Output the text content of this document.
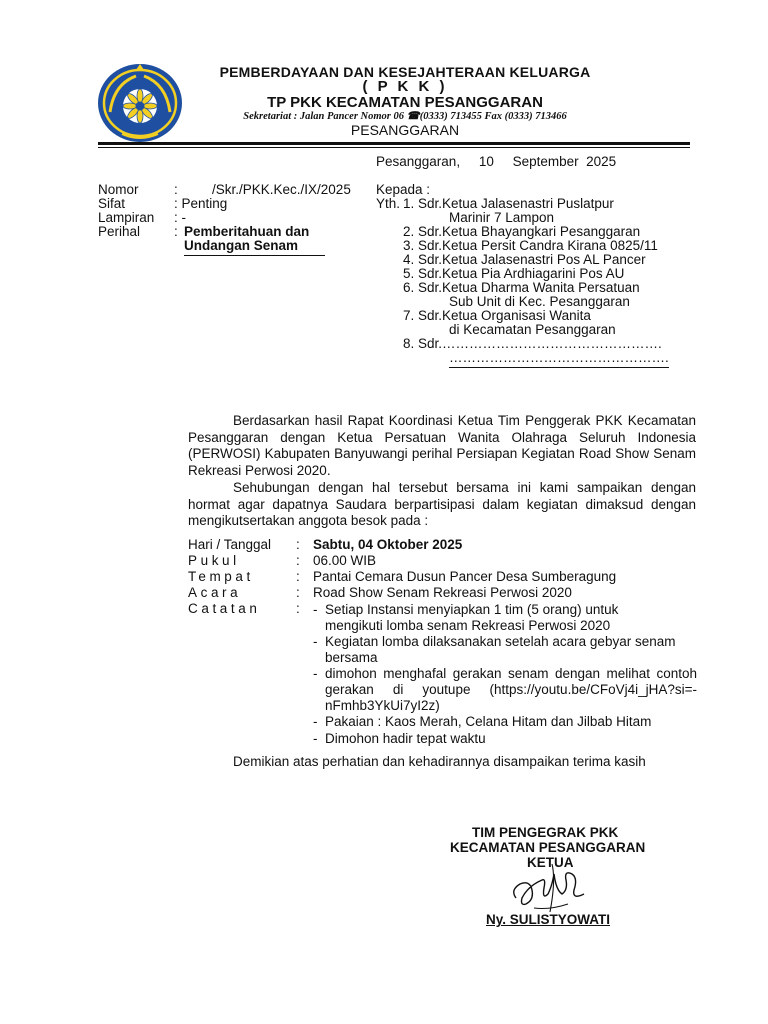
PEMBERDAYAAN DAN KESEJAHTERAAN KELUARGA
( P K K )
TP PKK KECAMATAN PESANGGARAN
Sekretariat : Jalan Pancer Nomor 06 ☎(0333) 713455 Fax (0333) 713466
PESANGGARAN
Pesanggaran,     10     September  2025
Nomor	:	/Skr./PKK.Kec./IX/2025
Sifat	: Penting
Lampiran : -
Perihal	: Pemberitahuan dan
Undangan Senam
Kepada :
Yth. 1. Sdr.Ketua Jalasenastri Puslatpur
Marinir 7 Lampon
2. Sdr.Ketua Bhayangkari Pesanggaran
3. Sdr.Ketua Persit Candra Kirana 0825/11
4. Sdr.Ketua Jalasenastri Pos AL Pancer
5. Sdr.Ketua Pia Ardhiagarini Pos AU
6. Sdr.Ketua Dharma Wanita Persatuan
Sub Unit di Kec. Pesanggaran
7. Sdr.Ketua Organisasi Wanita
di Kecamatan Pesanggaran
8. Sdr.………………………………………….
………………………………………….
Berdasarkan hasil Rapat Koordinasi Ketua Tim Penggerak PKK Kecamatan Pesanggaran dengan Ketua Persatuan Wanita Olahraga Seluruh Indonesia (PERWOSI) Kabupaten Banyuwangi perihal Persiapan Kegiatan Road Show Senam Rekreasi Perwosi 2020.
Sehubungan dengan hal tersebut bersama ini kami sampaikan dengan hormat agar dapatnya Saudara berpartisipasi dalam kegiatan dimaksud dengan mengikutsertakan anggota besok pada :
Hari / Tanggal : Sabtu, 04 Oktober 2025
Pukul	: 06.00 WIB
Tempat	: Pantai Cemara Dusun Pancer Desa Sumberagung
Acara	: Road Show Senam Rekreasi Perwosi 2020
Catatan	: - Setiap Instansi menyiapkan 1 tim (5 orang) untuk mengikuti lomba senam Rekreasi Perwosi 2020
- Kegiatan lomba dilaksanakan setelah acara gebyar senam bersama
- dimohon menghafal gerakan senam dengan melihat contoh gerakan di youtupe (https://youtu.be/CFoVj4i_jHA?si=-nFmhb3YkUi7yI2z)
- Pakaian : Kaos Merah, Celana Hitam dan Jilbab Hitam
- Dimohon hadir tepat waktu
Demikian atas perhatian dan kehadirannya disampaikan terima kasih
TIM PENGEGRAK PKK
KECAMATAN PESANGGARAN
KETUA
Ny. SULISTYOWATI
